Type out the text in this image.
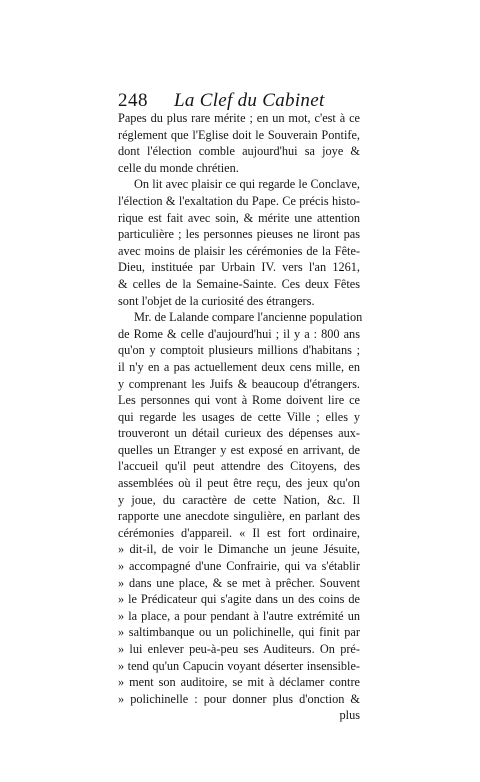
248 La Clef du Cabinet
Papes du plus rare mérite ; en un mot, c'est à ce
réglement que l'Eglise doit le Souverain Pontife,
dont l'élection comble aujourd'hui sa joye &
celle du monde chrétien.
On lit avec plaisir ce qui regarde le Conclave,
l'élection & l'exaltation du Pape. Ce précis histo-
rique est fait avec soin, & mérite une attention
particulière ; les personnes pieuses ne liront pas
avec moins de plaisir les cérémonies de la Fête-
Dieu, instituée par Urbain IV. vers l'an 1261,
& celles de la Semaine-Sainte. Ces deux Fêtes
sont l'objet de la curiosité des étrangers.
Mr. de Lalande compare l'ancienne population
de Rome & celle d'aujourd'hui ; il y a : 800 ans
qu'on y comptoit plusieurs millions d'habitans ;
il n'y en a pas actuellement deux cens mille, en
y comprenant les Juifs & beaucoup d'étrangers.
Les personnes qui vont à Rome doivent lire ce
qui regarde les usages de cette Ville ; elles y
trouveront un détail curieux des dépenses aux-
quelles un Etranger y est exposé en arrivant, de
l'accueil qu'il peut attendre des Citoyens, des
assemblées où il peut être reçu, des jeux qu'on
y joue, du caractère de cette Nation, &c. Il
rapporte une anecdote singulière, en parlant des
cérémonies d'appareil. « Il est fort ordinaire,
» dit-il, de voir le Dimanche un jeune Jésuite,
» accompagné d'une Confrairie, qui va s'établir
» dans une place, & se met à prêcher. Souvent
» le Prédicateur qui s'agite dans un des coins de
» la place, a pour pendant à l'autre extrémité un
» saltimbanque ou un polichinelle, qui finit par
» lui enlever peu-à-peu ses Auditeurs. On pré-
» tend qu'un Capucin voyant déserter insensible-
» ment son auditoire, se mit à déclamer contre
» polichinelle : pour donner plus d'onction &
plus
